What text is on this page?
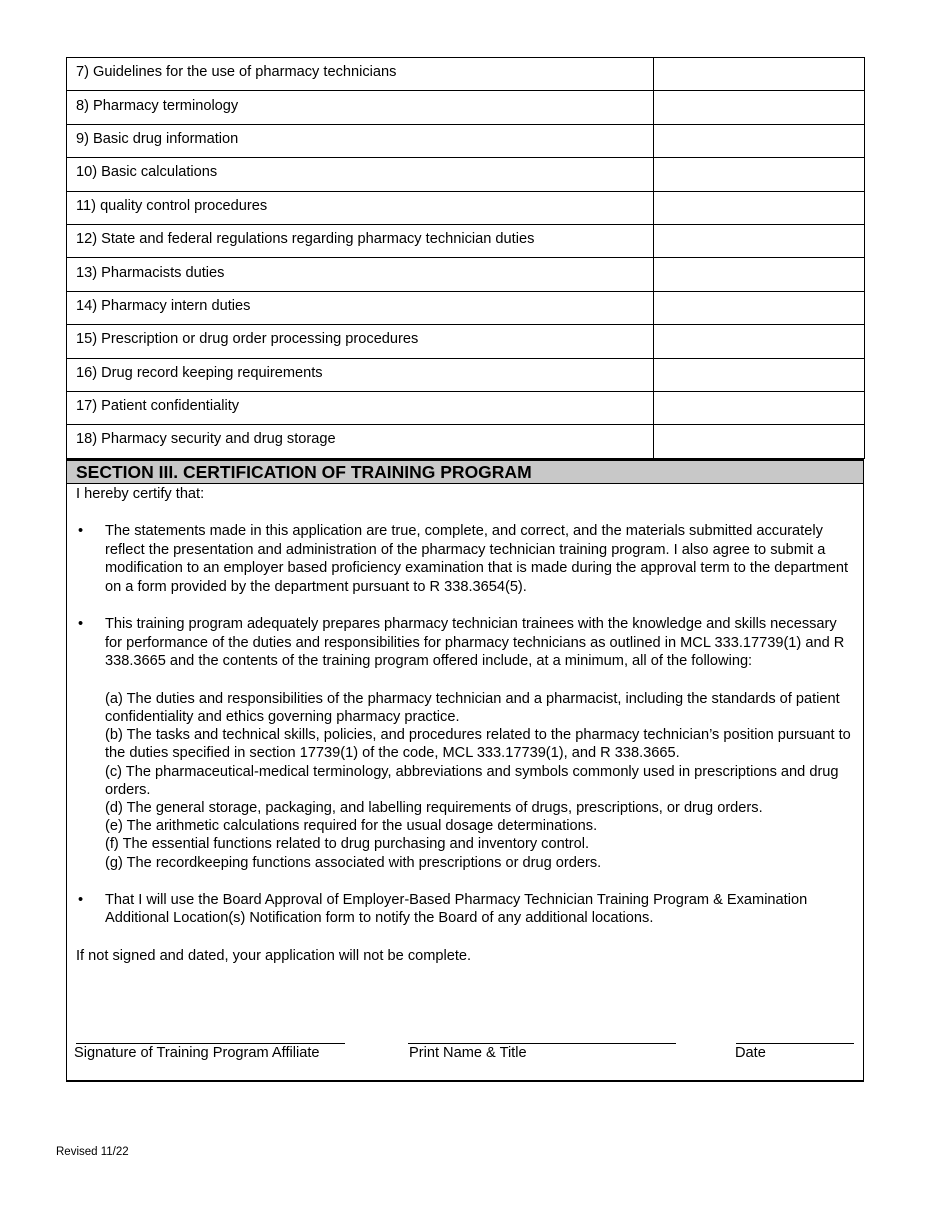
7) Guidelines for the use of pharmacy technicians	
8) Pharmacy terminology	
9) Basic drug information	
10) Basic calculations	
11) quality control procedures	
12) State and federal regulations regarding pharmacy technician duties	
13) Pharmacists duties	
14) Pharmacy intern duties	
15) Prescription or drug order processing procedures	
16) Drug record keeping requirements	
17) Patient confidentiality	
18) Pharmacy security and drug storage	
SECTION III. CERTIFICATION OF TRAINING PROGRAM
I hereby certify that:
• The statements made in this application are true, complete, and correct, and the materials submitted accurately reflect the presentation and administration of the pharmacy technician training program. I also agree to submit a modification to an employer based proficiency examination that is made during the approval term to the department on a form provided by the department pursuant to R 338.3654(5).
• This training program adequately prepares pharmacy technician trainees with the knowledge and skills necessary for performance of the duties and responsibilities for pharmacy technicians as outlined in MCL 333.17739(1) and R 338.3665 and the contents of the training program offered include, at a minimum, all of the following:
(a) The duties and responsibilities of the pharmacy technician and a pharmacist, including the standards of patient confidentiality and ethics governing pharmacy practice.
(b) The tasks and technical skills, policies, and procedures related to the pharmacy technician’s position pursuant to the duties specified in section 17739(1) of the code, MCL 333.17739(1), and R 338.3665.
(c) The pharmaceutical-medical terminology, abbreviations and symbols commonly used in prescriptions and drug orders.
(d) The general storage, packaging, and labelling requirements of drugs, prescriptions, or drug orders.
(e) The arithmetic calculations required for the usual dosage determinations.
(f) The essential functions related to drug purchasing and inventory control.
(g) The recordkeeping functions associated with prescriptions or drug orders.
• That I will use the Board Approval of Employer-Based Pharmacy Technician Training Program & Examination Additional Location(s) Notification form to notify the Board of any additional locations.
If not signed and dated, your application will not be complete.
Signature of Training Program Affiliate	Print Name & Title	Date
Revised 11/22
